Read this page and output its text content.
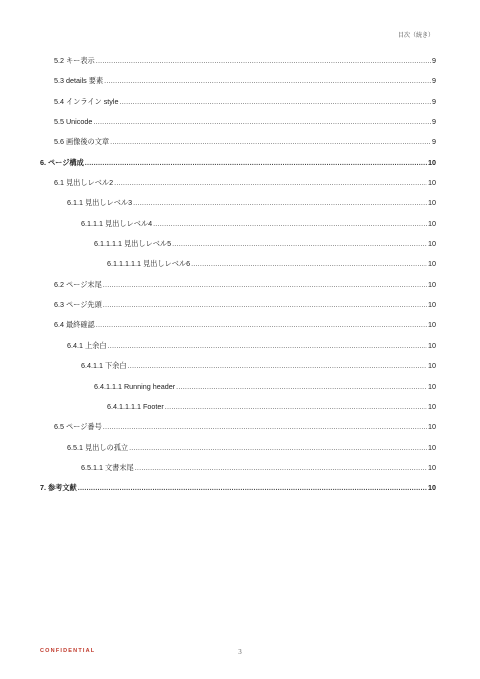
目次（続き）
5.2 キー表示 .....	9
5.3 details 要素 .....	9
5.4 インライン style .....	9
5.5 Unicode .....	9
5.6 画像後の文章 .....	9
6. ページ構成 .....	10
6.1 見出しレベル2 .....	10
6.1.1 見出しレベル3 .....	10
6.1.1.1 見出しレベル4 .....	10
6.1.1.1.1 見出しレベル5 .....	10
6.1.1.1.1.1 見出しレベル6 .....	10
6.2 ページ末尾 .....	10
6.3 ページ先頭 .....	10
6.4 最終確認 .....	10
6.4.1 上余白 .....	10
6.4.1.1 下余白 .....	10
6.4.1.1.1 Running header .....	10
6.4.1.1.1.1 Footer .....	10
6.5 ページ番号 .....	10
6.5.1 見出しの孤立 .....	10
6.5.1.1 文書末尾 .....	10
7. 参考文献 .....	10
CONFIDENTIAL	3
